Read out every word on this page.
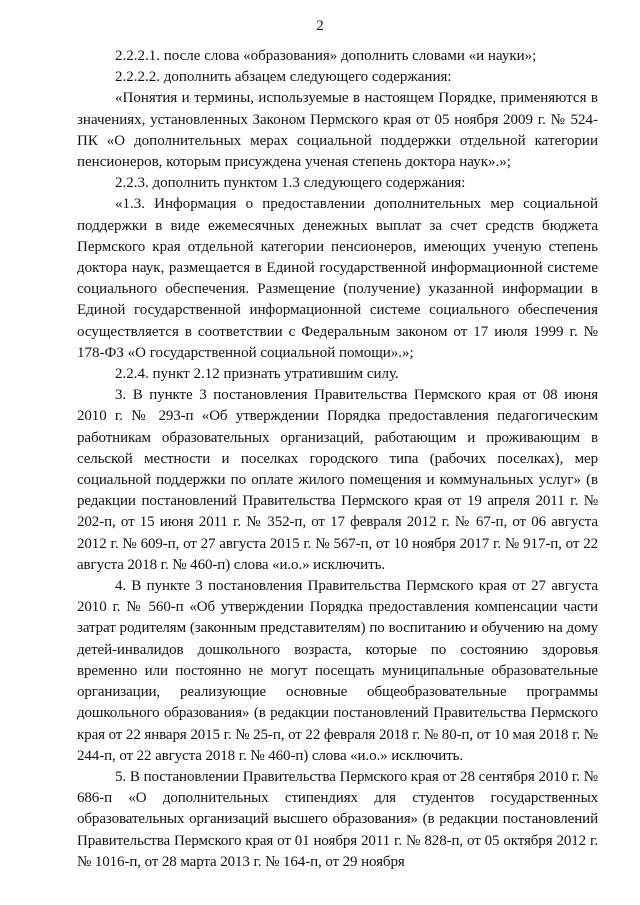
2

2.2.2.1. после слова «образования» дополнить словами «и науки»;

2.2.2.2. дополнить абзацем следующего содержания:

«Понятия и термины, используемые в настоящем Порядке, применяются в значениях, установленных Законом Пермского края от 05 ноября 2009 г. № 524-ПК «О дополнительных мерах социальной поддержки отдельной категории пенсионеров, которым присуждена ученая степень доктора наук».»;

2.2.3. дополнить пунктом 1.3 следующего содержания:

«1.3. Информация о предоставлении дополнительных мер социальной поддержки в виде ежемесячных денежных выплат за счет средств бюджета Пермского края отдельной категории пенсионеров, имеющих ученую степень доктора наук, размещается в Единой государственной информационной системе социального обеспечения. Размещение (получение) указанной информации в Единой государственной информационной системе социального обеспечения осуществляется в соответствии с Федеральным законом от 17 июля 1999 г. № 178-ФЗ «О государственной социальной помощи».»;

2.2.4. пункт 2.12 признать утратившим силу.

3. В пункте 3 постановления Правительства Пермского края от 08 июня 2010 г. № 293-п «Об утверждении Порядка предоставления педагогическим работникам образовательных организаций, работающим и проживающим в сельской местности и поселках городского типа (рабочих поселках), мер социальной поддержки по оплате жилого помещения и коммунальных услуг» (в редакции постановлений Правительства Пермского края от 19 апреля 2011 г. № 202-п, от 15 июня 2011 г. № 352-п, от 17 февраля 2012 г. № 67-п, от 06 августа 2012 г. № 609-п, от 27 августа 2015 г. № 567-п, от 10 ноября 2017 г. № 917-п, от 22 августа 2018 г. № 460-п) слова «и.о.» исключить.

4. В пункте 3 постановления Правительства Пермского края от 27 августа 2010 г. № 560-п «Об утверждении Порядка предоставления компенсации части затрат родителям (законным представителям) по воспитанию и обучению на дому детей-инвалидов дошкольного возраста, которые по состоянию здоровья временно или постоянно не могут посещать муниципальные образовательные организации, реализующие основные общеобразовательные программы дошкольного образования» (в редакции постановлений Правительства Пермского края от 22 января 2015 г. № 25-п, от 22 февраля 2018 г. № 80-п, от 10 мая 2018 г. № 244-п, от 22 августа 2018 г. № 460-п) слова «и.о.» исключить.

5. В постановлении Правительства Пермского края от 28 сентября 2010 г. № 686-п «О дополнительных стипендиях для студентов государственных образовательных организаций высшего образования» (в редакции постановлений Правительства Пермского края от 01 ноября 2011 г. № 828-п, от 05 октября 2012 г. № 1016-п, от 28 марта 2013 г. № 164-п, от 29 ноября
